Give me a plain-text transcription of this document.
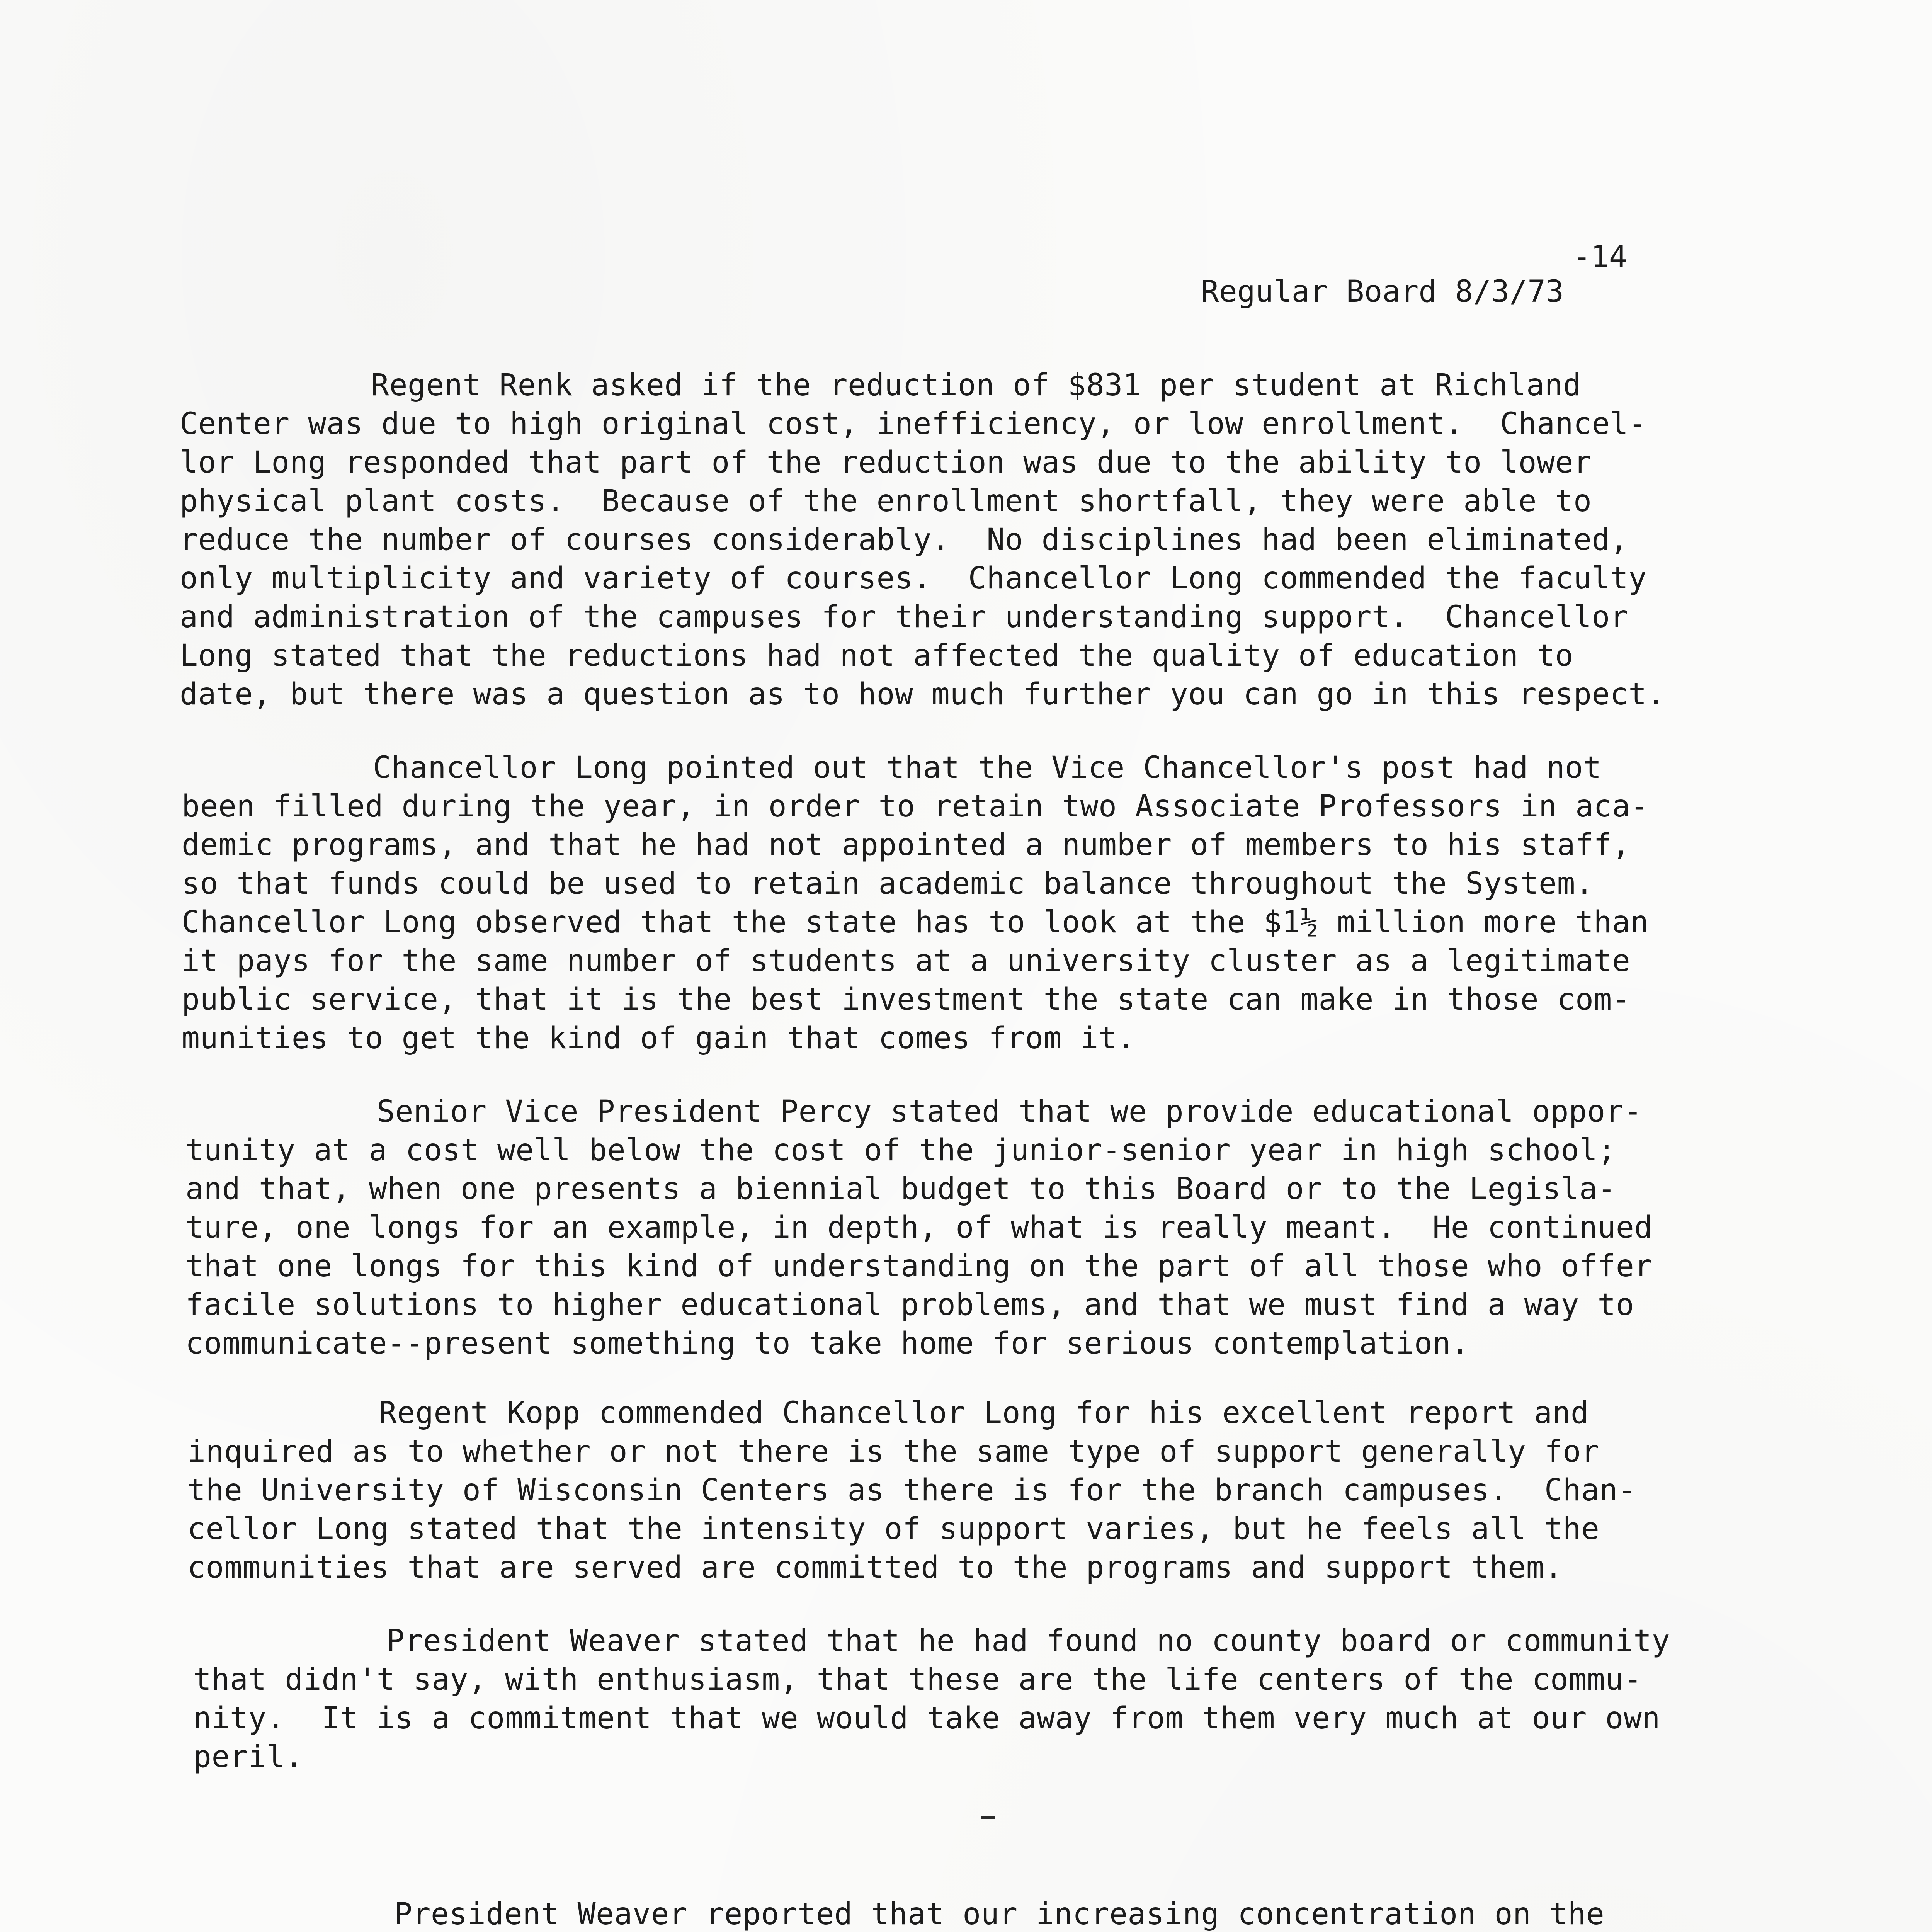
Regular Board 8/3/73

-14

Regent Renk asked if the reduction of $831 per student at Richland
Center was due to high original cost, inefficiency, or low enrollment.  Chancel-
lor Long responded that part of the reduction was due to the ability to lower
physical plant costs.  Because of the enrollment shortfall, they were able to
reduce the number of courses considerably.  No disciplines had been eliminated,
only multiplicity and variety of courses.  Chancellor Long commended the faculty
and administration of the campuses for their understanding support.  Chancellor
Long stated that the reductions had not affected the quality of education to
date, but there was a question as to how much further you can go in this respect.
Chancellor Long pointed out that the Vice Chancellor's post had not
been filled during the year, in order to retain two Associate Professors in aca-
demic programs, and that he had not appointed a number of members to his staff,
so that funds could be used to retain academic balance throughout the System.
Chancellor Long observed that the state has to look at the $1½ million more than
it pays for the same number of students at a university cluster as a legitimate
public service, that it is the best investment the state can make in those com-
munities to get the kind of gain that comes from it.
Senior Vice President Percy stated that we provide educational oppor-
tunity at a cost well below the cost of the junior-senior year in high school;
and that, when one presents a biennial budget to this Board or to the Legisla-
ture, one longs for an example, in depth, of what is really meant.  He continued
that one longs for this kind of understanding on the part of all those who offer
facile solutions to higher educational problems, and that we must find a way to
communicate--present something to take home for serious contemplation.
Regent Kopp commended Chancellor Long for his excellent report and
inquired as to whether or not there is the same type of support generally for
the University of Wisconsin Centers as there is for the branch campuses.  Chan-
cellor Long stated that the intensity of support varies, but he feels all the
communities that are served are committed to the programs and support them.
President Weaver stated that he had found no county board or community
that didn't say, with enthusiasm, that these are the life centers of the commu-
nity.  It is a commitment that we would take away from them very much at our own
peril.
President Weaver reported that our increasing concentration on the
